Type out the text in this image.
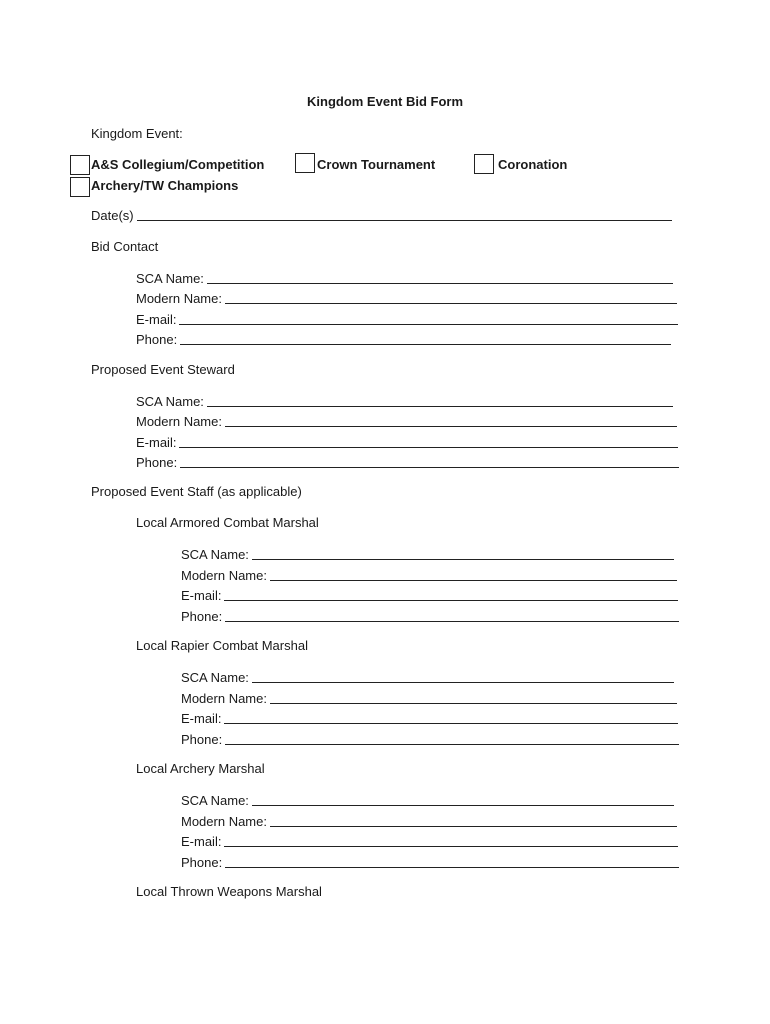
Kingdom Event Bid Form
Kingdom Event:
A&S Collegium/Competition	Crown Tournament	Coronation
Archery/TW Champions
Date(s)
Bid Contact
SCA Name:
Modern Name:
E-mail:
Phone:
Proposed Event Steward
SCA Name:
Modern Name:
E-mail:
Phone:
Proposed Event Staff (as applicable)
Local Armored Combat Marshal
SCA Name:
Modern Name:
E-mail:
Phone:
Local Rapier Combat Marshal
SCA Name:
Modern Name:
E-mail:
Phone:
Local Archery Marshal
SCA Name:
Modern Name:
E-mail:
Phone:
Local Thrown Weapons Marshal
